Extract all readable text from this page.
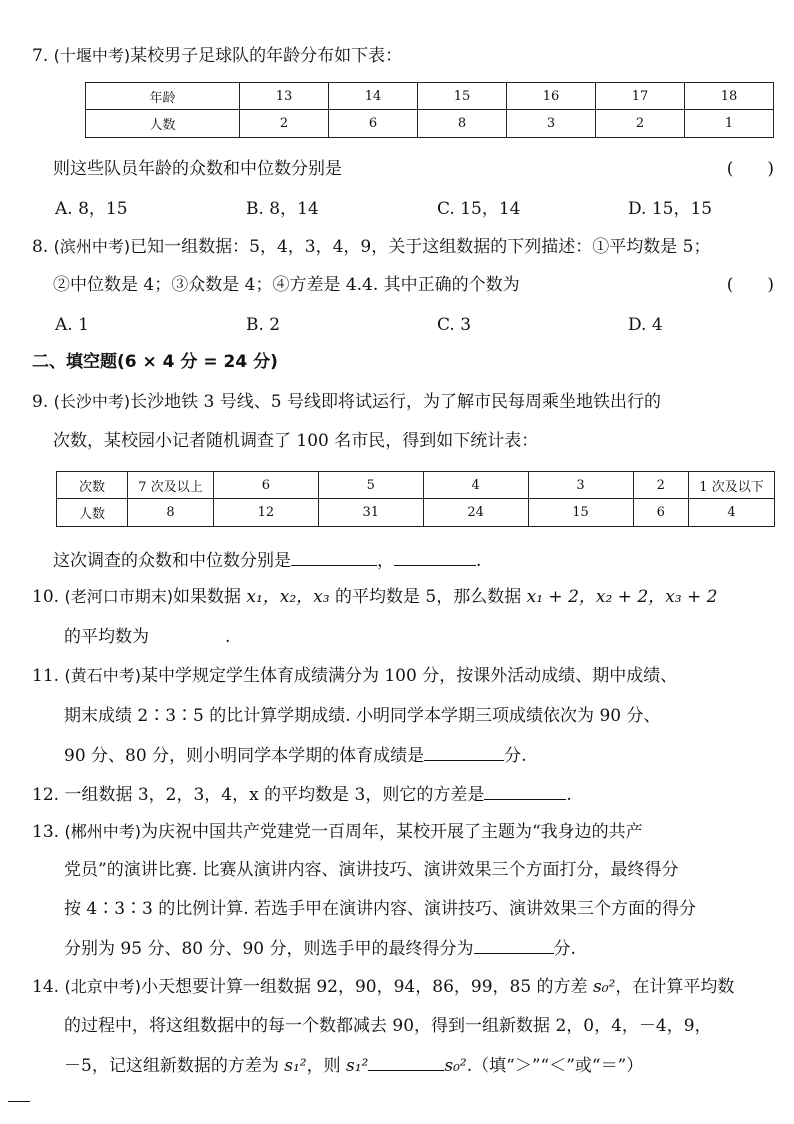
7. (十堰中考)某校男子足球队的年龄分布如下表：
年龄	13	14	15	16	17	18
人数	2	6	8	3	2	1
则这些队员年龄的众数和中位数分别是	(　　)
A. 8，15	B. 8，14	C. 15，14	D. 15，15
8. (滨州中考)已知一组数据：5，4，3，4，9，关于这组数据的下列描述：①平均数是 5；
②中位数是 4；③众数是 4；④方差是 4.4. 其中正确的个数为	(　　)
A. 1	B. 2	C. 3	D. 4
二、填空题(6 × 4 分 = 24 分)
9. (长沙中考)长沙地铁 3 号线、5 号线即将试运行，为了解市民每周乘坐地铁出行的
次数，某校园小记者随机调查了 100 名市民，得到如下统计表：
次数	7 次及以上	6	5	4	3	2	1 次及以下
人数	8	12	31	24	15	6	4
这次调查的众数和中位数分别是	，	.
10. (老河口市期末)如果数据 x₁，x₂，x₃ 的平均数是 5，那么数据 x₁ + 2，x₂ + 2，x₃ + 2
的平均数为	.
11. (黄石中考)某中学规定学生体育成绩满分为 100 分，按课外活动成绩、期中成绩、
期末成绩 2∶3∶5 的比计算学期成绩. 小明同学本学期三项成绩依次为 90 分、
90 分、80 分，则小明同学本学期的体育成绩是	分.
12. 一组数据 3，2，3，4，x 的平均数是 3，则它的方差是	.
13. (郴州中考)为庆祝中国共产党建党一百周年，某校开展了主题为“我身边的共产
党员”的演讲比赛. 比赛从演讲内容、演讲技巧、演讲效果三个方面打分，最终得分
按 4∶3∶3 的比例计算. 若选手甲在演讲内容、演讲技巧、演讲效果三个方面的得分
分别为 95 分、80 分、90 分，则选手甲的最终得分为	分.
14. (北京中考)小天想要计算一组数据 92，90，94，86，99，85 的方差 s₀²，在计算平均数
的过程中，将这组数据中的每一个数都减去 90，得到一组新数据 2，0，4，－4，9，
－5，记这组新数据的方差为 s₁²，则 s₁²	s₀².（填“＞”“＜”或“＝”）
